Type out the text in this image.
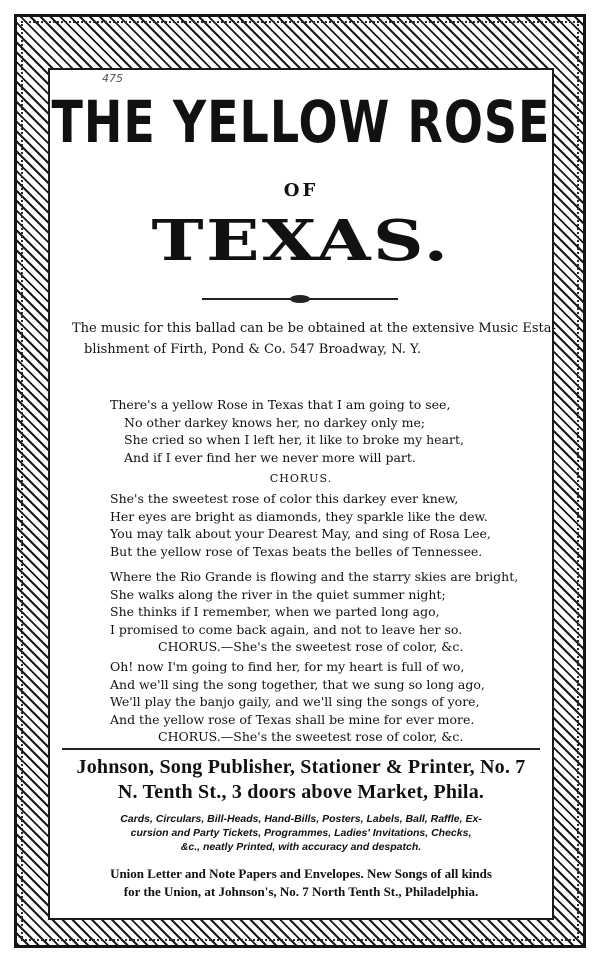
475
THE YELLOW ROSE
OF
TEXAS.
The music for this ballad can be be obtained at the extensive Music Esta-
blishment of Firth, Pond & Co. 547 Broadway, N. Y.
There's a yellow Rose in Texas that I am going to see,
No other darkey knows her, no darkey only me;
She cried so when I left her, it like to broke my heart,
And if I ever find her we never more will part.
CHORUS.
She's the sweetest rose of color this darkey ever knew,
Her eyes are bright as diamonds, they sparkle like the dew.
You may talk about your Dearest May, and sing of Rosa Lee,
But the yellow rose of Texas beats the belles of Tennessee.
Where the Rio Grande is flowing and the starry skies are bright,
She walks along the river in the quiet summer night;
She thinks if I remember, when we parted long ago,
I promised to come back again, and not to leave her so.
CHORUS.—She's the sweetest rose of color, &c.
Oh! now I'm going to find her, for my heart is full of wo,
And we'll sing the song together, that we sung so long ago,
We'll play the banjo gaily, and we'll sing the songs of yore,
And the yellow rose of Texas shall be mine for ever more.
CHORUS.—She's the sweetest rose of color, &c.
Johnson, Song Publisher, Stationer & Printer, No. 7
N. Tenth St., 3 doors above Market, Phila.
Cards, Circulars, Bill-Heads, Hand-Bills, Posters, Labels, Ball, Raffle, Ex-
cursion and Party Tickets, Programmes, Ladies' Invitations, Checks,
&c., neatly Printed, with accuracy and despatch.
Union Letter and Note Papers and Envelopes. New Songs of all kinds
for the Union, at Johnson's, No. 7 North Tenth St., Philadelphia.
